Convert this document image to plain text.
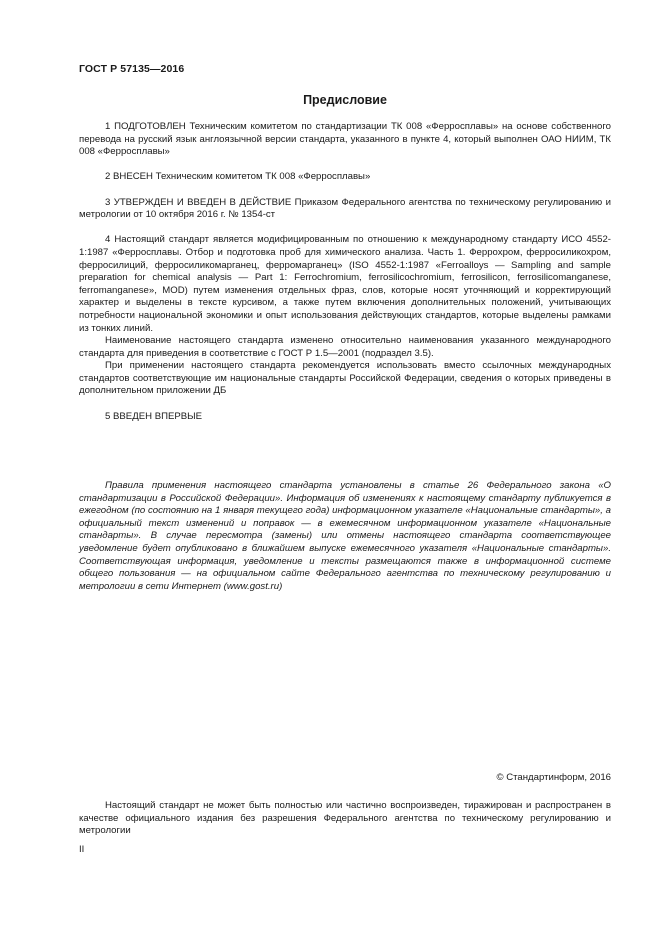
ГОСТ Р 57135—2016
Предисловие

1 ПОДГОТОВЛЕН Техническим комитетом по стандартизации ТК 008 «Ферросплавы» на основе собственного перевода на русский язык англоязычной версии стандарта, указанного в пункте 4, который выполнен ОАО НИИМ, ТК 008 «Ферросплавы»

2 ВНЕСЕН Техническим комитетом ТК 008 «Ферросплавы»

3 УТВЕРЖДЕН И ВВЕДЕН В ДЕЙСТВИЕ Приказом Федерального агентства по техническому регулированию и метрологии от 10 октября 2016 г. № 1354-ст

4 Настоящий стандарт является модифицированным по отношению к международному стандарту ИСО 4552-1:1987 «Ферросплавы. Отбор и подготовка проб для химического анализа. Часть 1. Феррохром, ферросиликохром, ферросилиций, ферросиликомарганец, ферромарганец» (ISO 4552-1:1987 «Ferroalloys — Sampling and sample preparation for chemical analysis — Part 1: Ferrochromium, ferrosilicochromium, ferrosilicon, ferrosilicomanganese, ferromanganese», MOD) путем изменения отдельных фраз, слов, которые носят уточняющий и корректирующий характер и выделены в тексте курсивом, а также путем включения дополнительных положений, учитывающих потребности национальной экономики и опыт использования действующих стандартов, которые выделены рамками из тонких линий.

Наименование настоящего стандарта изменено относительно наименования указанного международного стандарта для приведения в соответствие с ГОСТ Р 1.5—2001 (подраздел 3.5).

При применении настоящего стандарта рекомендуется использовать вместо ссылочных международных стандартов соответствующие им национальные стандарты Российской Федерации, сведения о которых приведены в дополнительном приложении ДБ

5 ВВЕДЕН ВПЕРВЫЕ

Правила применения настоящего стандарта установлены в статье 26 Федерального закона «О стандартизации в Российской Федерации». Информация об изменениях к настоящему стандарту публикуется в ежегодном (по состоянию на 1 января текущего года) информационном указателе «Национальные стандарты», а официальный текст изменений и поправок — в ежемесячном информационном указателе «Национальные стандарты». В случае пересмотра (замены) или отмены настоящего стандарта соответствующее уведомление будет опубликовано в ближайшем выпуске ежемесячного указателя «Национальные стандарты». Соответствующая информация, уведомление и тексты размещаются также в информационной системе общего пользования — на официальном сайте Федерального агентства по техническому регулированию и метрологии в сети Интернет (www.gost.ru)

© Стандартинформ, 2016

Настоящий стандарт не может быть полностью или частично воспроизведен, тиражирован и распространен в качестве официального издания без разрешения Федерального агентства по техническому регулированию и метрологии

II
